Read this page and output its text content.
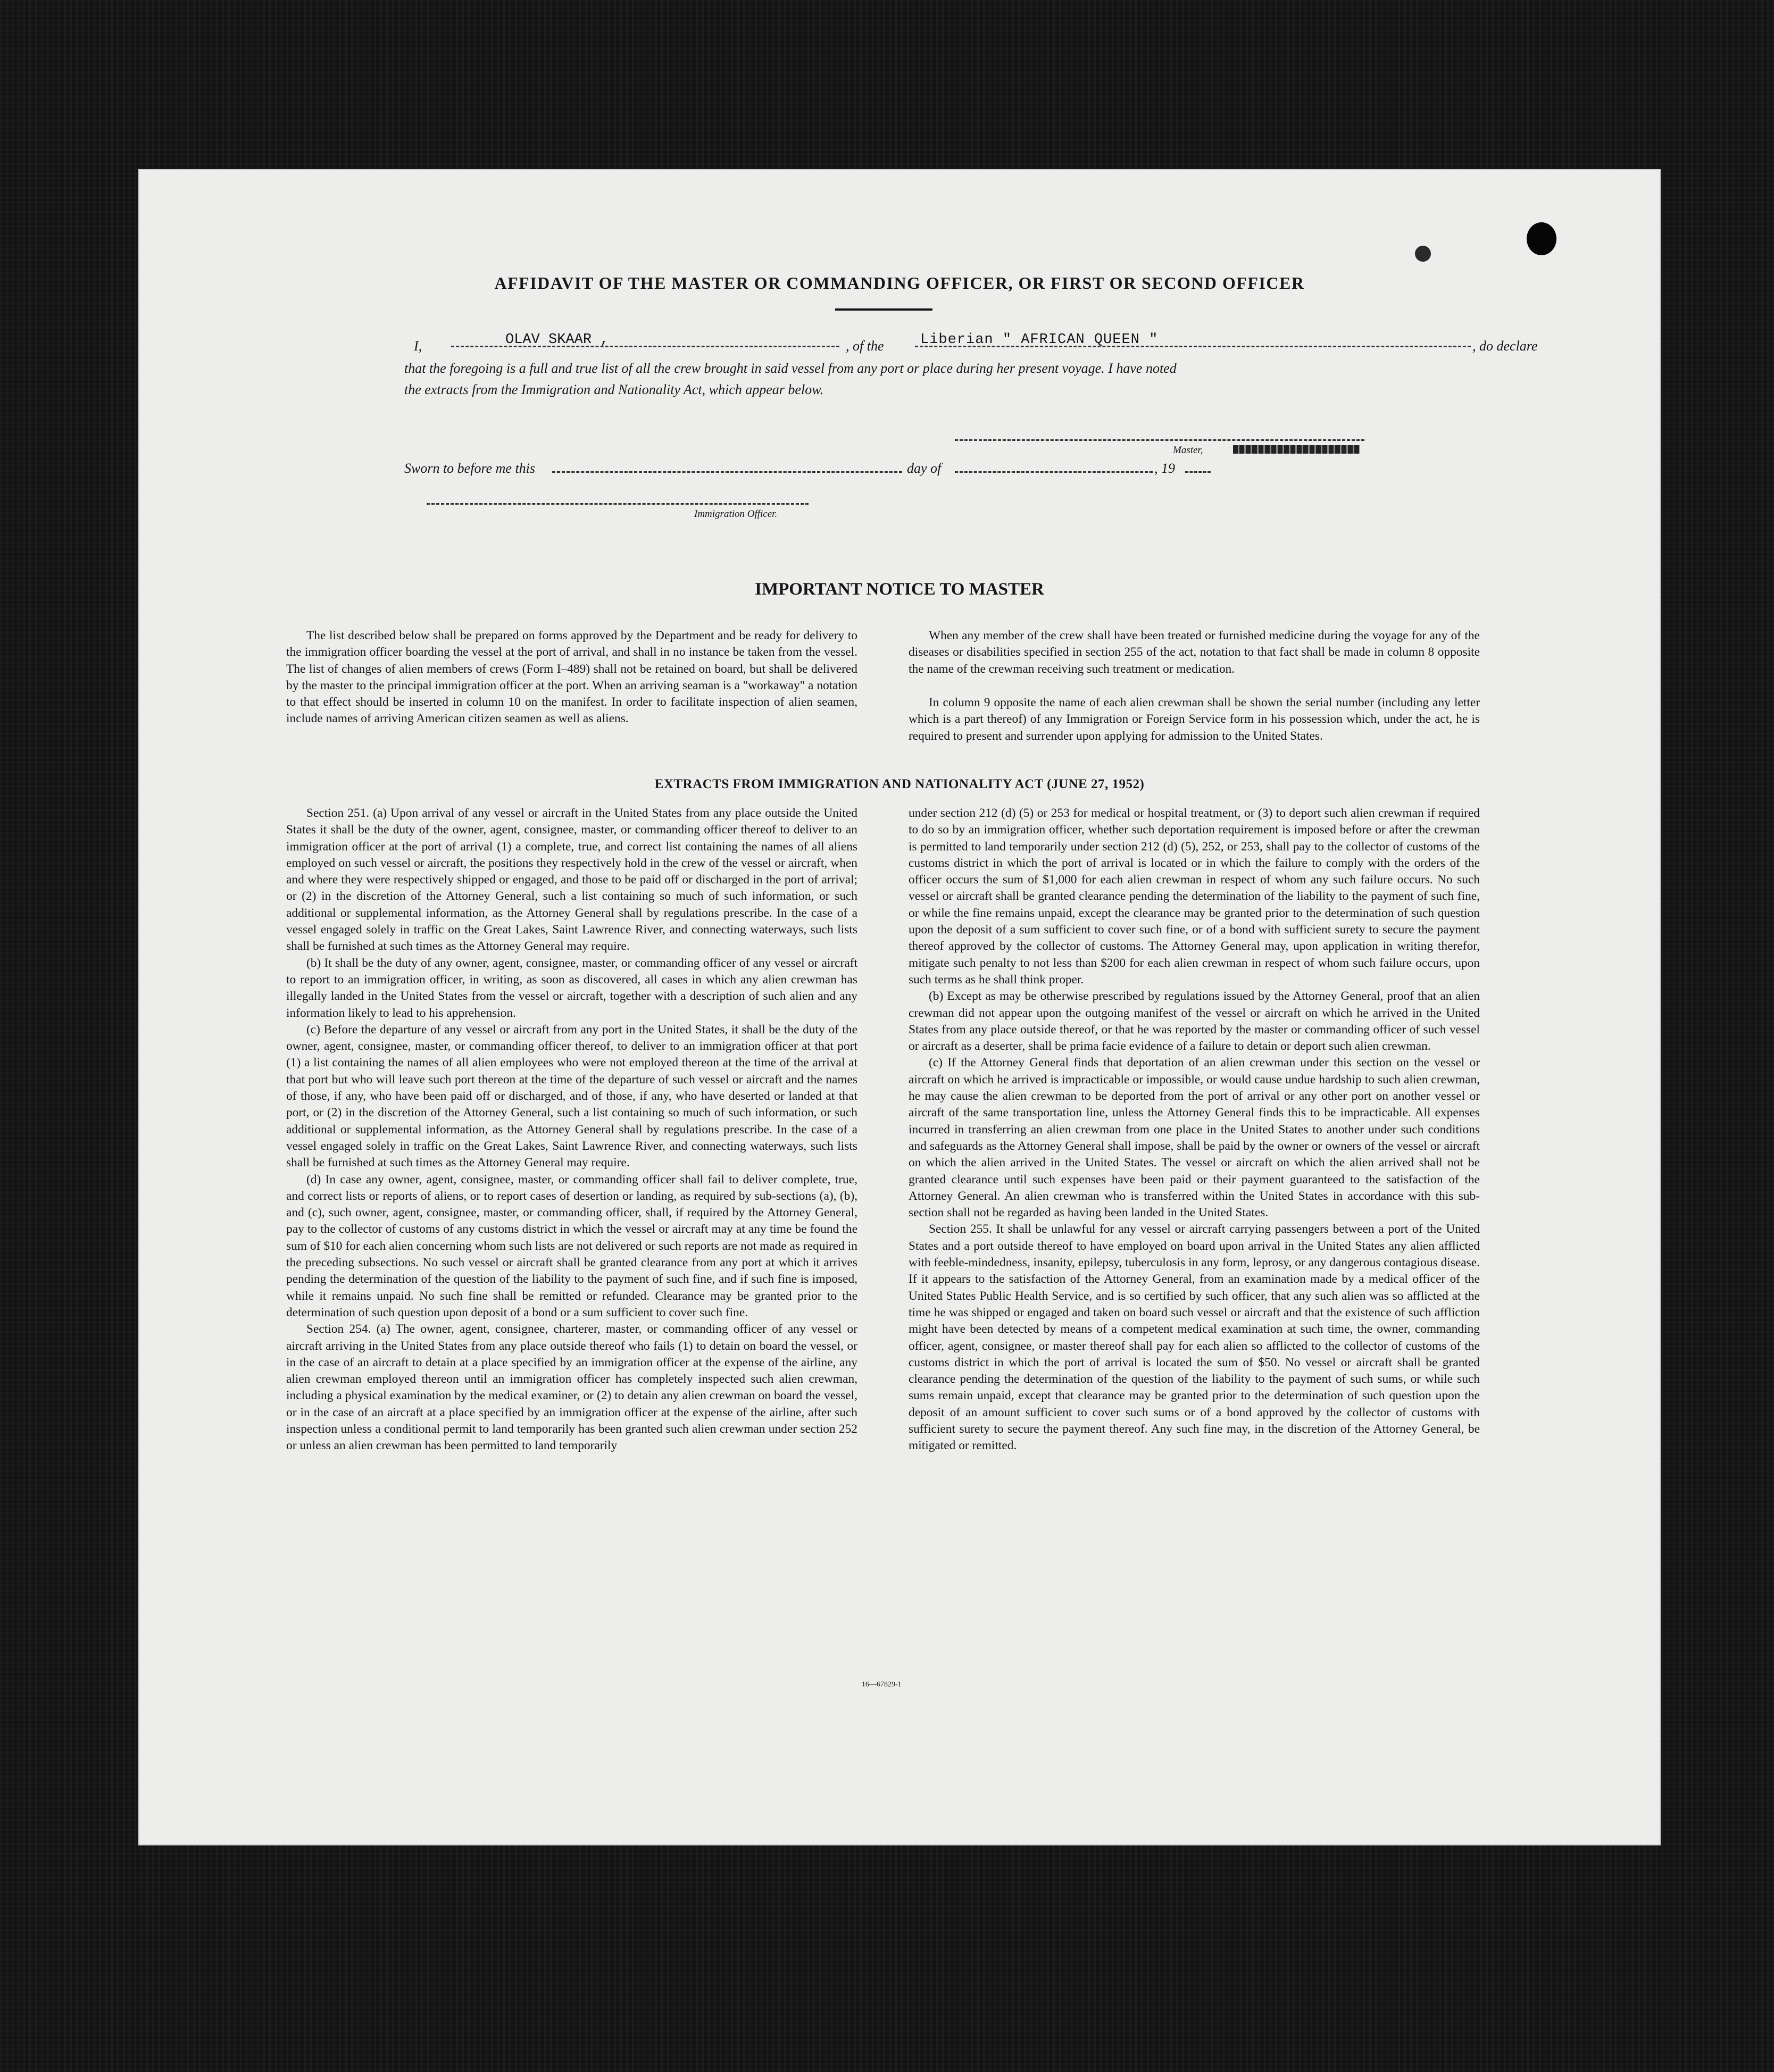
AFFIDAVIT OF THE MASTER OR COMMANDING OFFICER, OR FIRST OR SECOND OFFICER
I,	OLAV SKAAR ,	, of the	Liberian " AFRICAN QUEEN "	, do declare
that the foregoing is a full and true list of all the crew brought in said vessel from any port or place during her present voyage. I have noted
the extracts from the Immigration and Nationality Act, which appear below.
Master,
Sworn to before me this	day of	, 19
Immigration Officer.
IMPORTANT NOTICE TO MASTER

The list described below shall be prepared on forms approved by the Department and be ready for delivery to the immigration officer boarding the vessel at the port of arrival, and shall in no instance be taken from the vessel. The list of changes of alien members of crews (Form I–489) shall not be retained on board, but shall be delivered by the master to the principal immigration officer at the port. When an arriving seaman is a "workaway" a notation to that effect should be inserted in column 10 on the manifest. In order to facilitate inspection of alien seamen, include names of arriving American citizen seamen as well as aliens.

When any member of the crew shall have been treated or furnished medicine during the voyage for any of the diseases or disabilities specified in section 255 of the act, notation to that fact shall be made in column 8 opposite the name of the crewman receiving such treatment or medication.

In column 9 opposite the name of each alien crewman shall be shown the serial number (including any letter which is a part thereof) of any Immigration or Foreign Service form in his possession which, under the act, he is required to present and surrender upon applying for admission to the United States.

EXTRACTS FROM IMMIGRATION AND NATIONALITY ACT (JUNE 27, 1952)

Section 251. (a) Upon arrival of any vessel or aircraft in the United States from any place outside the United States it shall be the duty of the owner, agent, consignee, master, or commanding officer thereof to deliver to an immigration officer at the port of arrival (1) a complete, true, and correct list containing the names of all aliens employed on such vessel or aircraft, the positions they respectively hold in the crew of the vessel or aircraft, when and where they were respectively shipped or engaged, and those to be paid off or discharged in the port of arrival; or (2) in the discretion of the Attorney General, such a list containing so much of such information, or such additional or supplemental information, as the Attorney General shall by regulations prescribe. In the case of a vessel engaged solely in traffic on the Great Lakes, Saint Lawrence River, and connecting waterways, such lists shall be furnished at such times as the Attorney General may require.

(b) It shall be the duty of any owner, agent, consignee, master, or commanding officer of any vessel or aircraft to report to an immigration officer, in writing, as soon as discovered, all cases in which any alien crewman has illegally landed in the United States from the vessel or aircraft, together with a description of such alien and any information likely to lead to his apprehension.

(c) Before the departure of any vessel or aircraft from any port in the United States, it shall be the duty of the owner, agent, consignee, master, or commanding officer thereof, to deliver to an immigration officer at that port (1) a list containing the names of all alien employees who were not employed thereon at the time of the arrival at that port but who will leave such port thereon at the time of the departure of such vessel or aircraft and the names of those, if any, who have been paid off or discharged, and of those, if any, who have deserted or landed at that port, or (2) in the discretion of the Attorney General, such a list containing so much of such information, or such additional or supplemental information, as the Attorney General shall by regulations prescribe. In the case of a vessel engaged solely in traffic on the Great Lakes, Saint Lawrence River, and connecting waterways, such lists shall be furnished at such times as the Attorney General may require.

(d) In case any owner, agent, consignee, master, or commanding officer shall fail to deliver complete, true, and correct lists or reports of aliens, or to report cases of desertion or landing, as required by sub-sections (a), (b), and (c), such owner, agent, consignee, master, or commanding officer, shall, if required by the Attorney General, pay to the collector of customs of any customs district in which the vessel or aircraft may at any time be found the sum of $10 for each alien concerning whom such lists are not delivered or such reports are not made as required in the preceding subsections. No such vessel or aircraft shall be granted clearance from any port at which it arrives pending the determination of the question of the liability to the payment of such fine, and if such fine is imposed, while it remains unpaid. No such fine shall be remitted or refunded. Clearance may be granted prior to the determination of such question upon deposit of a bond or a sum sufficient to cover such fine.

Section 254. (a) The owner, agent, consignee, charterer, master, or commanding officer of any vessel or aircraft arriving in the United States from any place outside thereof who fails (1) to detain on board the vessel, or in the case of an aircraft to detain at a place specified by an immigration officer at the expense of the airline, any alien crewman employed thereon until an immigration officer has completely inspected such alien crewman, including a physical examination by the medical examiner, or (2) to detain any alien crewman on board the vessel, or in the case of an aircraft at a place specified by an immigration officer at the expense of the airline, after such inspection unless a conditional permit to land temporarily has been granted such alien crewman under section 252 or unless an alien crewman has been permitted to land temporarily

under section 212 (d) (5) or 253 for medical or hospital treatment, or (3) to deport such alien crewman if required to do so by an immigration officer, whether such deportation requirement is imposed before or after the crewman is permitted to land temporarily under section 212 (d) (5), 252, or 253, shall pay to the collector of customs of the customs district in which the port of arrival is located or in which the failure to comply with the orders of the officer occurs the sum of $1,000 for each alien crewman in respect of whom any such failure occurs. No such vessel or aircraft shall be granted clearance pending the determination of the liability to the payment of such fine, or while the fine remains unpaid, except the clearance may be granted prior to the determination of such question upon the deposit of a sum sufficient to cover such fine, or of a bond with sufficient surety to secure the payment thereof approved by the collector of customs. The Attorney General may, upon application in writing therefor, mitigate such penalty to not less than $200 for each alien crewman in respect of whom such failure occurs, upon such terms as he shall think proper.

(b) Except as may be otherwise prescribed by regulations issued by the Attorney General, proof that an alien crewman did not appear upon the outgoing manifest of the vessel or aircraft on which he arrived in the United States from any place outside thereof, or that he was reported by the master or commanding officer of such vessel or aircraft as a deserter, shall be prima facie evidence of a failure to detain or deport such alien crewman.

(c) If the Attorney General finds that deportation of an alien crewman under this section on the vessel or aircraft on which he arrived is impracticable or impossible, or would cause undue hardship to such alien crewman, he may cause the alien crewman to be deported from the port of arrival or any other port on another vessel or aircraft of the same transportation line, unless the Attorney General finds this to be impracticable. All expenses incurred in transferring an alien crewman from one place in the United States to another under such conditions and safeguards as the Attorney General shall impose, shall be paid by the owner or owners of the vessel or aircraft on which the alien arrived in the United States. The vessel or aircraft on which the alien arrived shall not be granted clearance until such expenses have been paid or their payment guaranteed to the satisfaction of the Attorney General. An alien crewman who is transferred within the United States in accordance with this sub-section shall not be regarded as having been landed in the United States.

Section 255. It shall be unlawful for any vessel or aircraft carrying passengers between a port of the United States and a port outside thereof to have employed on board upon arrival in the United States any alien afflicted with feeble-mindedness, insanity, epilepsy, tuberculosis in any form, leprosy, or any dangerous contagious disease. If it appears to the satisfaction of the Attorney General, from an examination made by a medical officer of the United States Public Health Service, and is so certified by such officer, that any such alien was so afflicted at the time he was shipped or engaged and taken on board such vessel or aircraft and that the existence of such affliction might have been detected by means of a competent medical examination at such time, the owner, commanding officer, agent, consignee, or master thereof shall pay for each alien so afflicted to the collector of customs of the customs district in which the port of arrival is located the sum of $50. No vessel or aircraft shall be granted clearance pending the determination of the question of the liability to the payment of such sums, or while such sums remain unpaid, except that clearance may be granted prior to the determination of such question upon the deposit of an amount sufficient to cover such sums or of a bond approved by the collector of customs with sufficient surety to secure the payment thereof. Any such fine may, in the discretion of the Attorney General, be mitigated or remitted.

16—67829-1
